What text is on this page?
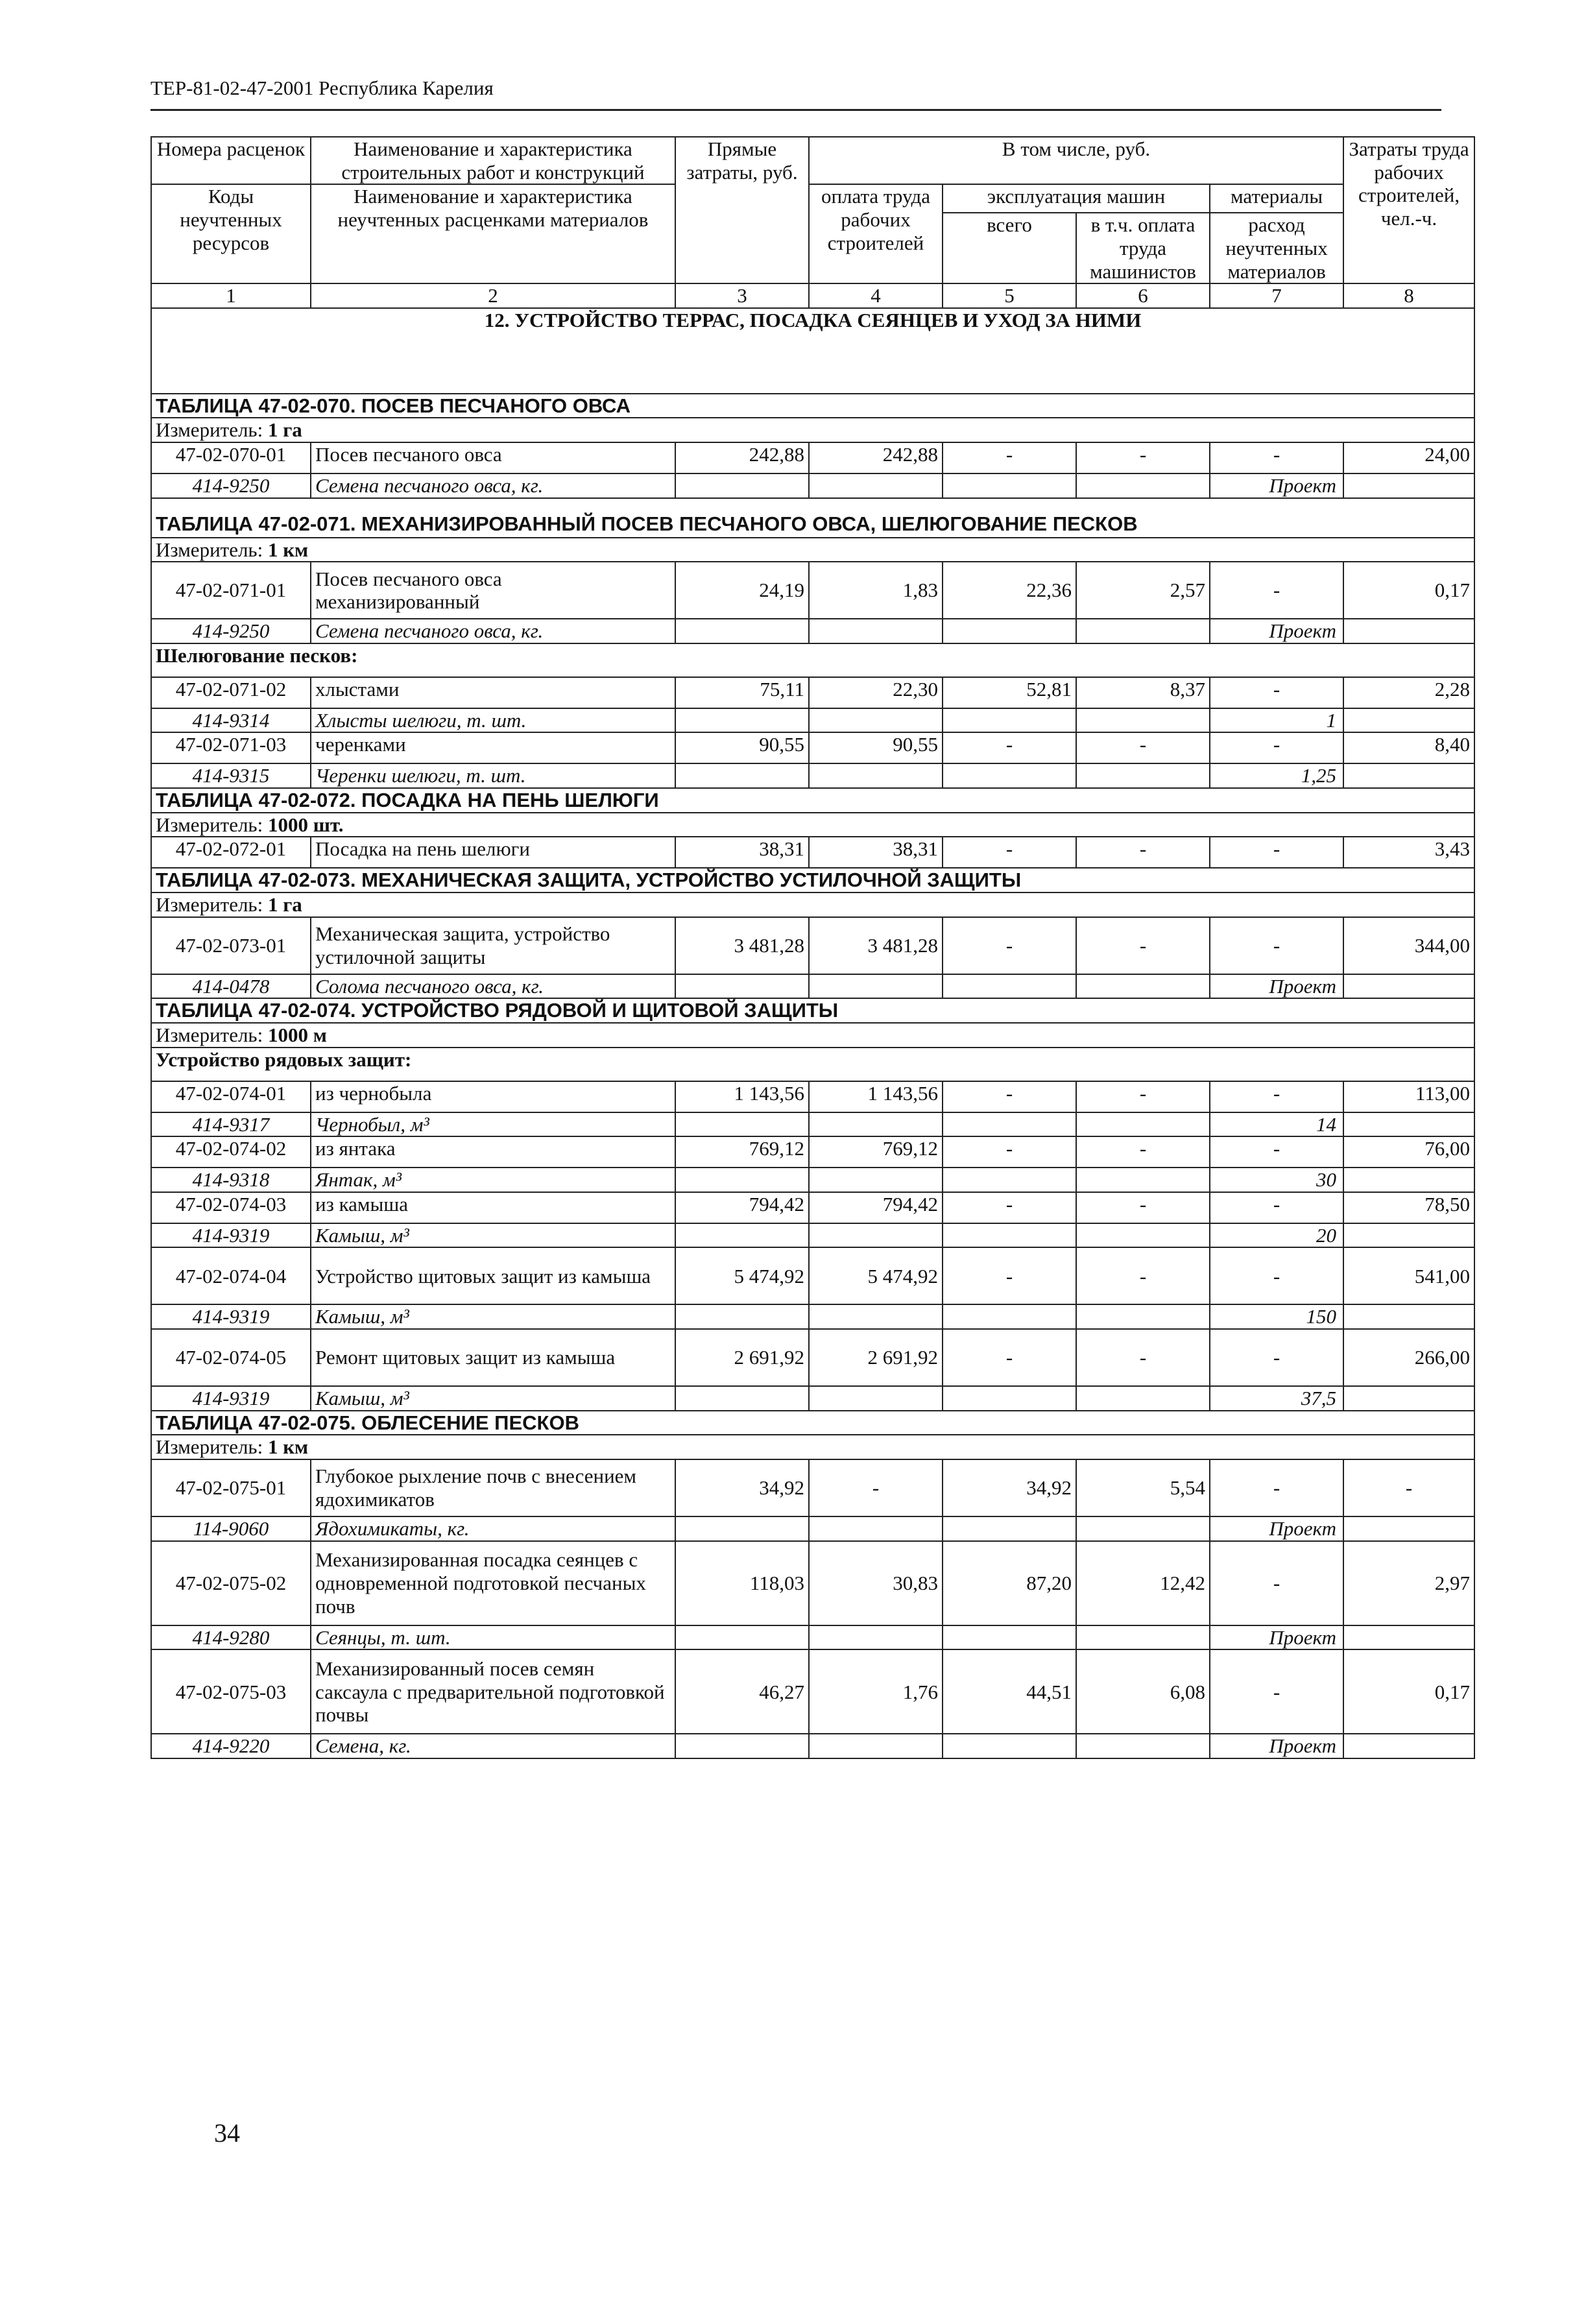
ТЕР-81-02-47-2001 Республика Карелия
Номера расценок	Наименование и характеристика строительных работ и конструкций	Прямые затраты, руб.	В том числе, руб.				Затраты труда рабочих строителей, чел.-ч.
Коды неучтенных ресурсов	Наименование и характеристика неучтенных расценками материалов		оплата труда рабочих строителей	эксплуатация машин		материалы	
				всего	в т.ч. оплата труда машинистов	расход неучтенных материалов	

1	2	3	4	5	6	7	8
12. УСТРОЙСТВО ТЕРРАС, ПОСАДКА СЕЯНЦЕВ И УХОД ЗА НИМИ							
ТАБЛИЦА 47-02-070. ПОСЕВ ПЕСЧАНОГО ОВСА							
Измеритель: 1 га							
47-02-070-01	Посев песчаного овса	242,88	242,88	-	-	-	24,00
414-9250	Семена песчаного овса, кг.					Проект	
ТАБЛИЦА 47-02-071. МЕХАНИЗИРОВАННЫЙ ПОСЕВ ПЕСЧАНОГО ОВСА, ШЕЛЮГОВАНИЕ ПЕСКОВ							
Измеритель: 1 км							
47-02-071-01	Посев песчаного овса механизированный	24,19	1,83	22,36	2,57	-	0,17
414-9250	Семена песчаного овса, кг.					Проект	
Шелюгование песков:							
47-02-071-02	хлыстами	75,11	22,30	52,81	8,37	-	2,28
414-9314	Хлысты шелюги, т. шт.					1	
47-02-071-03	черенками	90,55	90,55	-	-	-	8,40
414-9315	Черенки шелюги, т. шт.					1,25	
ТАБЛИЦА 47-02-072. ПОСАДКА НА ПЕНЬ ШЕЛЮГИ							
Измеритель: 1000 шт.							
47-02-072-01	Посадка на пень шелюги	38,31	38,31	-	-	-	3,43
ТАБЛИЦА 47-02-073. МЕХАНИЧЕСКАЯ ЗАЩИТА, УСТРОЙСТВО УСТИЛОЧНОЙ ЗАЩИТЫ							
Измеритель: 1 га							
47-02-073-01	Механическая защита, устройство устилочной защиты	3 481,28	3 481,28	-	-	-	344,00
414-0478	Солома песчаного овса, кг.					Проект	
ТАБЛИЦА 47-02-074. УСТРОЙСТВО РЯДОВОЙ И ЩИТОВОЙ ЗАЩИТЫ							
Измеритель: 1000 м							
Устройство рядовых защит:							
47-02-074-01	из чернобыла	1 143,56	1 143,56	-	-	-	113,00
414-9317	Чернобыл, м³					14	
47-02-074-02	из янтака	769,12	769,12	-	-	-	76,00
414-9318	Янтак, м³					30	
47-02-074-03	из камыша	794,42	794,42	-	-	-	78,50
414-9319	Камыш, м³					20	
47-02-074-04	Устройство щитовых защит из камыша	5 474,92	5 474,92	-	-	-	541,00
414-9319	Камыш, м³					150	
47-02-074-05	Ремонт щитовых защит из камыша	2 691,92	2 691,92	-	-	-	266,00
414-9319	Камыш, м³					37,5	
ТАБЛИЦА 47-02-075. ОБЛЕСЕНИЕ ПЕСКОВ							
Измеритель: 1 км							
47-02-075-01	Глубокое рыхление почв с внесением ядохимикатов	34,92	-	34,92	5,54	-	-
114-9060	Ядохимикаты, кг.					Проект	
47-02-075-02	Механизированная посадка сеянцев с одновременной подготовкой песчаных почв	118,03	30,83	87,20	12,42	-	2,97
414-9280	Сеянцы, т. шт.					Проект	
47-02-075-03	Механизированный посев семян саксаула с предварительной подготовкой почвы	46,27	1,76	44,51	6,08	-	0,17
414-9220	Семена, кг.					Проект	
34
